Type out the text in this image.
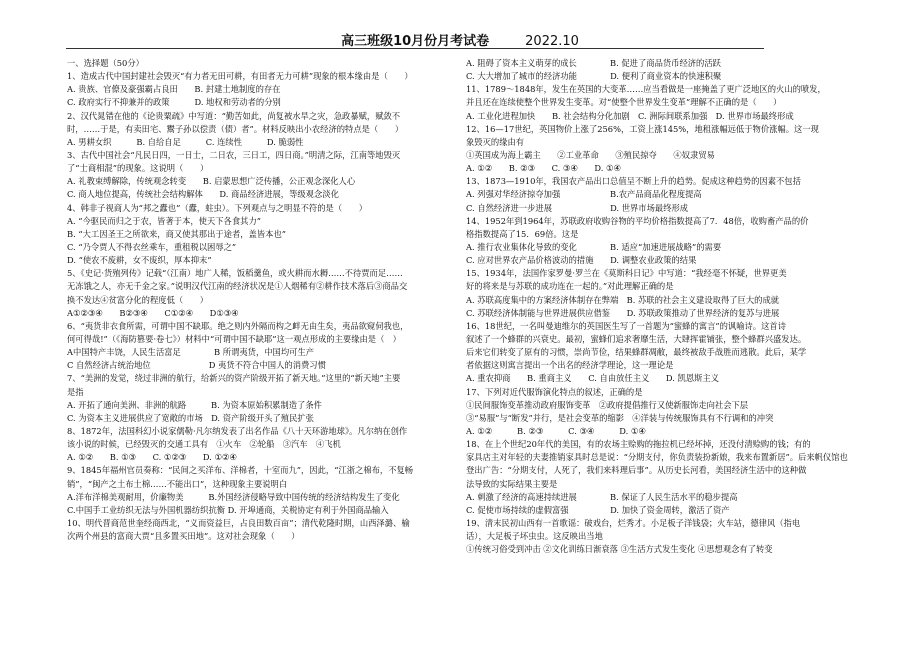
高三班级10月份月考试卷	2022.10
一、选择题（50分）
1、造成古代中国封建社会毁灭“有力者无田可耕，有田者无力可耕”现象的根本缘由是（　　）
A. 贵族、官僚及豪强霸占良田　　B. 封建土地制度的存在
C. 政府实行不抑兼并的政策　　　D. 地权和劳动者的分别
2、汉代晁错在他的《论贵粟疏》中写道：“勤苦如此，尚复被水旱之灾，急政暴赋，赋敛不
时，……于是，有卖田宅、鬻子孙以偿责（债）者”。材料反映出小农经济的特点是（　　）
A. 男耕女织　　　B. 自给自足　　　C. 连续性　　　D. 脆弱性
3、古代中国社会“凡民日四，一日士，二日农，三日工，四日商。”明清之际，江南等地毁灭
了“士商相混”的现象。这说明（　　）
A. 礼教束缚解除，传统观念转变　　B. 启蒙思想广泛传播，公正观念深化人心
C. 商人地位提高，传统社会结构解体　　D. 商品经济进展，等级观念淡化
4、韩非子视商人为“邦之蠹也”（蠹，蛀虫）。下列观点与之明显不符的是（　　）
A. “今驱民而归之于农，皆著于本，使天下各食其力”
B. “大工因圣王之所欲来，商又使其那出于途者，盖皆本也”
C. “乃令贾人不得衣丝乘车，重租税以困辱之”
D. “使农不废耕，女不废织，厚本抑末”
5、《史记·货殖列传》记载“（江南）地广人稀，饭稻羹鱼，或火耕而水耨……不待贾而足……
无冻饿之人，亦无千金之家。”说明汉代江南的经济状况是①人烟稀有②耕作技术落后③商品交
换不发达④贫富分化的程度低（　　）
A①②③④　　B②③④　　C①②④　　D①③④
6、“夷货非衣食所需，可谓中国不缺耶。绝之则内外隔而构之衅无由生矣，夷品欲窥伺我也，
何可得哉!”（《海防篡要·卷七》）材料中“可谓中国不缺耶”这一观点形成的主要缘由是（　）
A中国特产丰饶，人民生活富足　　　　B 所谓夷货，中国均可生产
C 自然经济占统治地位　　　　　　　D 夷货不符合中国人的消费习惯
7、“美洲的发觉，绕过非洲的航行，给新兴的资产阶级开拓了新天地。”这里的“新天地”主要
是指
A. 开拓了通向美洲、非洲的航路　　　B. 为资本原始积累制造了条件
C. 为资本主义进展供应了宽敞的市场　D. 资产阶级开头了殖民扩张
8、1872年，法国科幻小说家儒勒·凡尔纳发表了出名作品《八十天环游地球》。凡尔纳在创作
该小说的时候，已经毁灭的交通工具有　①火车　②轮船　③汽车　④飞机
A. ①②　　B. ①③　　C. ①②③　　D. ①②④
9、1845年福州官员奏称：“民间之买洋布、洋棉者，十室而九”，因此，“江浙之棉布，不复畅
销”，“闽产之土布土棉……不能出口”，这种现象主要说明白
A.洋布洋棉美观耐用，价廉物美　　　B.外国经济侵略导致中国传统的经济结构发生了变化
C.中国手工业纺织无法与外国机器纺织抗衡 D. 开埠通商，关税协定有利于外国商品输入
10、明代晋商范世奎经商西北，“义而资益巨，占良田数百亩”；清代乾隆时期，山西泽潞、榆
次两个州县的富商大贾“且多置买田地”。这对社会现象（　　）
A. 阻碍了资本主义萌芽的成长　　　　B. 促进了商品货币经济的活跃
C. 大大增加了城市的经济功能　　　　D. 便利了商业资本的快速积聚
11、1789～1848年，发生在英国的大变革……应当看做是一座掩盖了更广泛地区的火山的喷发，
并且还在连续使整个世界发生变革。对“使整个世界发生变革”理解不正确的是（　　）
A. 工业化进程加快　　B. 社会结构分化加剧　C. 洲际间联系加强　D. 世界市场最终形成
12、16—17世纪，英国物价上涨了256%，工资上涨145%，地租涨幅远低于物价涨幅。这一现
象毁灭的缘由有
①英国成为海上霸主　　②工业革命　　③殖民掠夺　　④奴隶贸易
A. ①②　　B. ②③　　C. ③④　　D. ①④
13、1873—1910年，我国农产品出口总值呈不断上升的趋势。促成这种趋势的因素不包括
A. 列强对华经济掠夺加强　　　　　　B.农产品商品化程度提高
C. 自然经济进一步进展　　　　　　　D. 世界市场最终形成
14、1952年到1964年，苏联政府收购谷物的平均价格指数提高了7．48倍，收购畜产品的价
格指数提高了15．69倍。这是
A. 推行农业集体化导致的变化　　　　B. 适应“加速进展战略”的需要
C. 应对世界农产品价格波动的措施　　D. 调整农业政策的结果
15、1934年，法国作家罗曼·罗兰在《莫斯科日记》中写道：“我经毫不怀疑，世界更美
好的将来是与苏联的成功连在一起的。”对此理解正确的是
A. 苏联高度集中的方案经济体制存在弊端　B. 苏联的社会主义建设取得了巨大的成就
C. 苏联经济体制能与世界进展供应借鉴　　D. 苏联政策推动了世界经济的复苏与进展
16、18世纪，一名叫曼迪维尔的英国医生写了一首题为“蜜蜂的寓言”的讽喻诗。这首诗
叙述了一个蜂群的兴衰史。最初，蜜蜂们追求奢靡生活，大肆挥霍铺张，整个蜂群兴盛发达。
后来它们转变了原有的习惯，崇尚节俭，结果蜂群凋敝，最终被敌手战胜而逃散。此后，某学
者依据这则寓言提出一个出名的经济学理论，这一理论是
A. 重农抑商　　B. 重商主义　　C. 自由放任主义　　D. 凯恩斯主义
17、下列对近代服饰演化特点的叙述，正确的是
①民间服饰变革推动政府服饰变革　②政府提倡推行又使新服饰走向社会下层
③“易服”与“断发”并行，是社会变革的缩影　④洋装与传统服饰具有不行调和的冲突
A. ①②　　　B. ②③　　　C. ③④　　　D. ①④
18、在上个世纪20年代的美国，有的农场主赊购的拖拉机已经坏掉，还没付清赊购的钱；有的
家具店主对年轻的夫妻推销家具时总是说：“分期支付，你负责装扮新娘，我来布置新居”。后来帆仪馆也
登出广告：“分期支付，人死了，我们来料理后事”。从历史长河看，美国经济生活中的这种做
法导致的实际结果主要是
A. 刺激了经济的高速持续进展　　　　B. 保证了人民生活水平的稳步提高
C. 促使市场持续的虚假富强　　　　　D. 加快了资金周转，激活了资产
19、清末民初山西有一首歌谣：破戏台，烂秀才。小足板子洋钱袋；火车站，德律风（指电
话），大足板子坏虫虫。这反映出当地
①传统习俗受到冲击 ②文化训练日渐衰落 ③生活方式发生变化 ④思想观念有了转变
